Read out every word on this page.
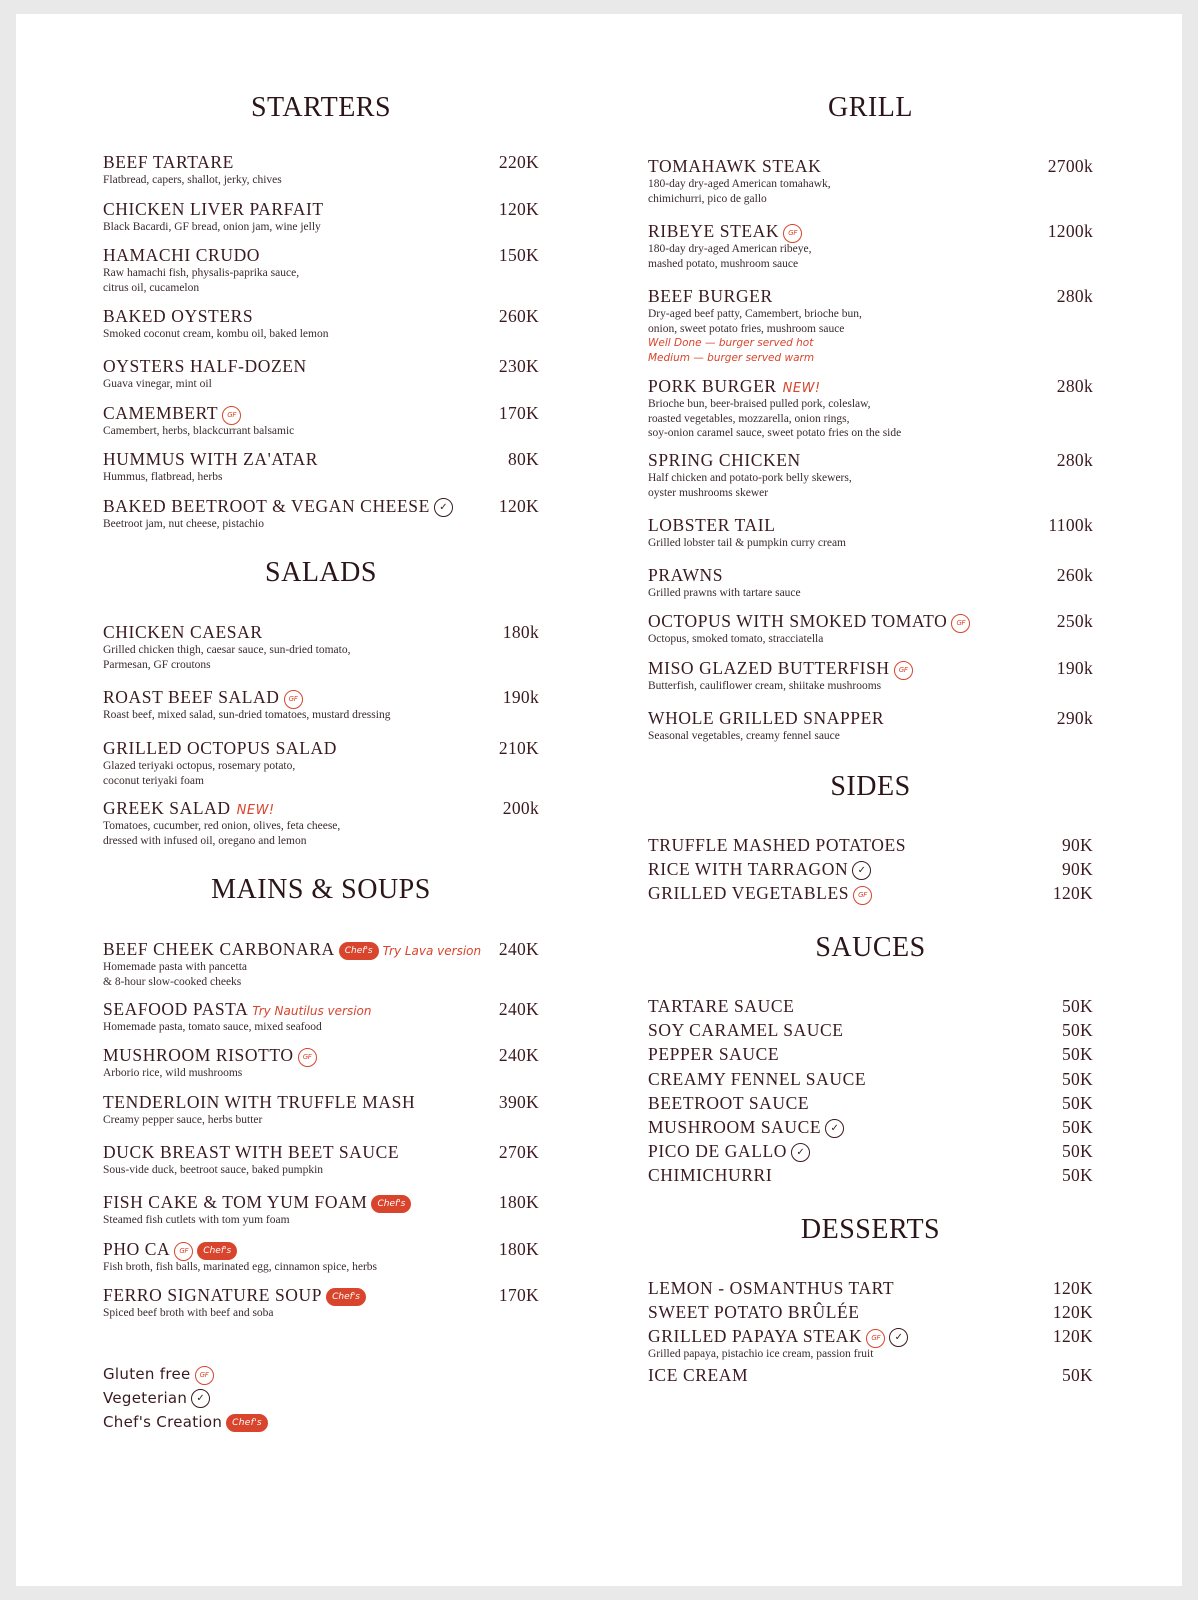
STARTERS
BEEF TARTARE	220K
Flatbread, capers, shallot, jerky, chives
CHICKEN LIVER PARFAIT	120K
Black Bacardi, GF bread, onion jam, wine jelly
HAMACHI CRUDO	150K
Raw hamachi fish, physalis-paprika sauce,
citrus oil, cucamelon
BAKED OYSTERS	260K
Smoked coconut cream, kombu oil, baked lemon
OYSTERS HALF-DOZEN	230K
Guava vinegar, mint oil
CAMEMBERT GF	170K
Camembert, herbs, blackcurrant balsamic
HUMMUS WITH ZA'ATAR	80K
Hummus, flatbread, herbs
BAKED BEETROOT & VEGAN CHEESE ✓	120K
Beetroot jam, nut cheese, pistachio
SALADS
CHICKEN CAESAR	180k
Grilled chicken thigh, caesar sauce, sun-dried tomato,
Parmesan, GF croutons
ROAST BEEF SALAD GF	190k
Roast beef, mixed salad, sun-dried tomatoes, mustard dressing
GRILLED OCTOPUS SALAD	210K
Glazed teriyaki octopus, rosemary potato,
coconut teriyaki foam
GREEK SALAD NEW!	200k
Tomatoes, cucumber, red onion, olives, feta cheese,
dressed with infused oil, oregano and lemon
MAINS & SOUPS
BEEF CHEEK CARBONARA Chef's Try Lava version 240K
Homemade pasta with pancetta
& 8-hour slow-cooked cheeks
SEAFOOD PASTA Try Nautilus version	240K
Homemade pasta, tomato sauce, mixed seafood
MUSHROOM RISOTTO GF	240K
Arborio rice, wild mushrooms
TENDERLOIN WITH TRUFFLE MASH	390K
Creamy pepper sauce, herbs butter
DUCK BREAST WITH BEET SAUCE	270K
Sous-vide duck, beetroot sauce, baked pumpkin
FISH CAKE & TOM YUM FOAM Chef's	180K
Steamed fish cutlets with tom yum foam
PHO CA GF Chef's	180K
Fish broth, fish balls, marinated egg, cinnamon spice, herbs
FERRO SIGNATURE SOUP Chef's	170K
Spiced beef broth with beef and soba
Gluten free GF
Vegeterian ✓
Chef's Creation Chef's
GRILL
TOMAHAWK STEAK	2700k
180-day dry-aged American tomahawk,
chimichurri, pico de gallo
RIBEYE STEAK GF	1200k
180-day dry-aged American ribeye,
mashed potato, mushroom sauce
BEEF BURGER	280k
Dry-aged beef patty, Camembert, brioche bun,
onion, sweet potato fries, mushroom sauce
Well Done — burger served hot
Medium — burger served warm
PORK BURGER NEW!	280k
Brioche bun, beer-braised pulled pork, coleslaw,
roasted vegetables, mozzarella, onion rings,
soy-onion caramel sauce, sweet potato fries on the side
SPRING CHICKEN	280k
Half chicken and potato-pork belly skewers,
oyster mushrooms skewer
LOBSTER TAIL	1100k
Grilled lobster tail & pumpkin curry cream
PRAWNS	260k
Grilled prawns with tartare sauce
OCTOPUS WITH SMOKED TOMATO GF	250k
Octopus, smoked tomato, stracciatella
MISO GLAZED BUTTERFISH GF	190k
Butterfish, cauliflower cream, shiitake mushrooms
WHOLE GRILLED SNAPPER	290k
Seasonal vegetables, creamy fennel sauce
SIDES
TRUFFLE MASHED POTATOES	90K
RICE WITH TARRAGON ✓	90K
GRILLED VEGETABLES GF	120K
SAUCES
TARTARE SAUCE	50K
SOY CARAMEL SAUCE	50K
PEPPER SAUCE	50K
CREAMY FENNEL SAUCE	50K
BEETROOT SAUCE	50K
MUSHROOM SAUCE ✓	50K
PICO DE GALLO ✓	50K
CHIMICHURRI	50K
DESSERTS
LEMON - OSMANTHUS TART	120K
SWEET POTATO BRÛLÉE	120K
GRILLED PAPAYA STEAK GF ✓	120K
Grilled papaya, pistachio ice cream, passion fruit
ICE CREAM	50K
